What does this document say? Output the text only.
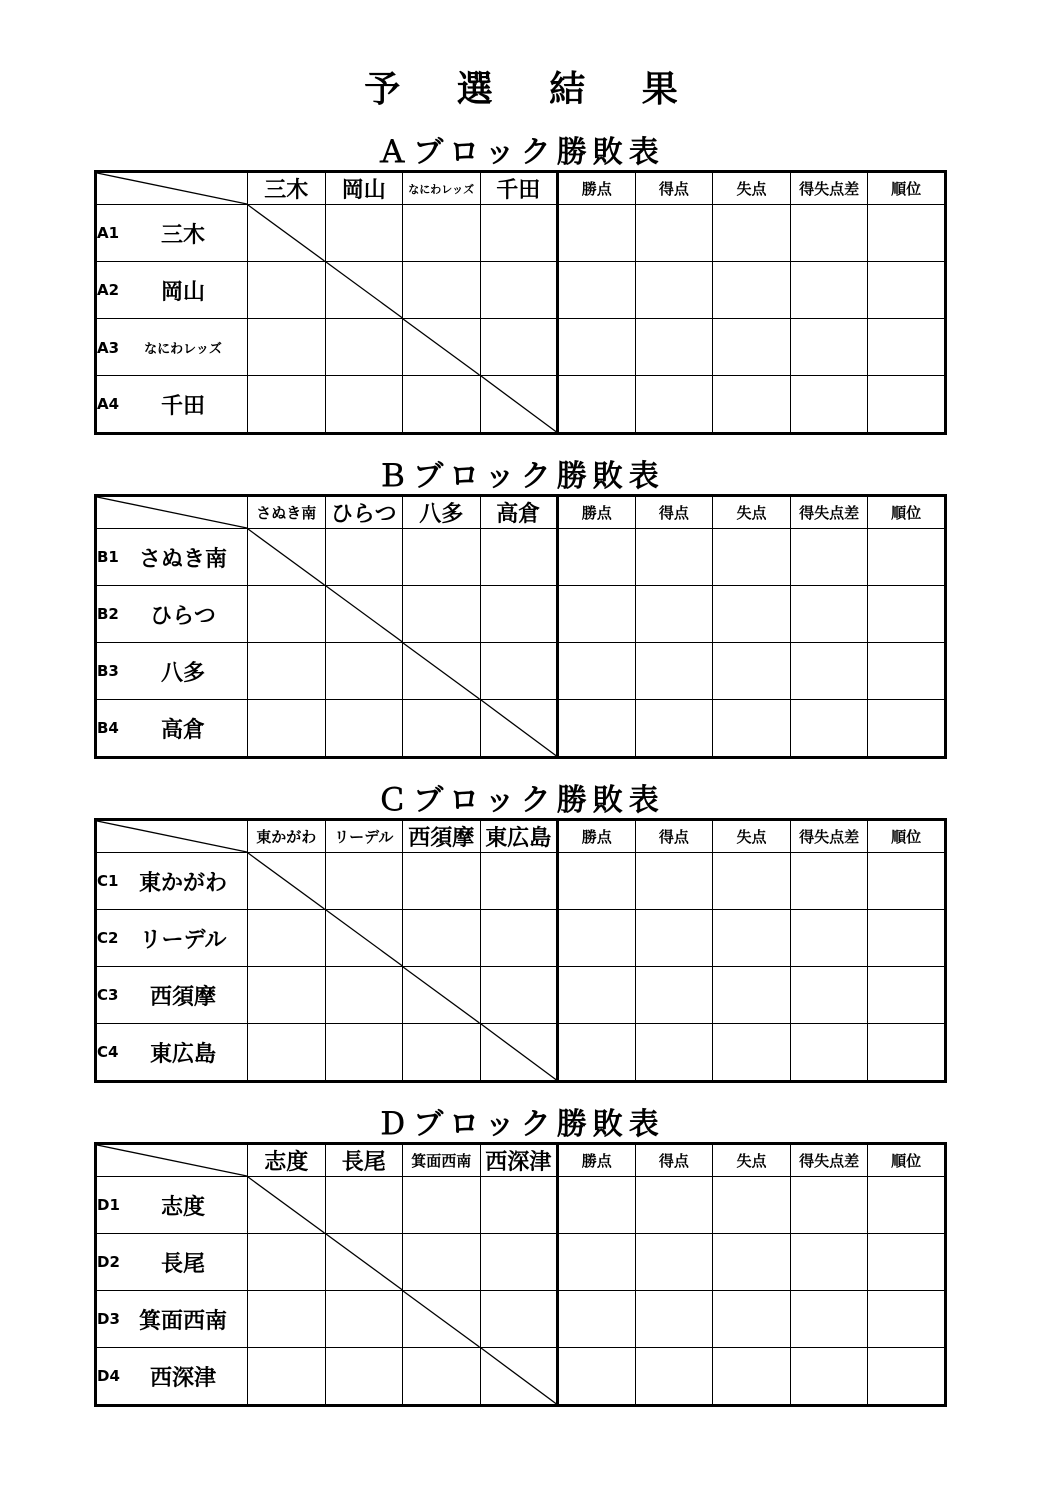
予 選 結 果
Ａブロック勝敗表
	三木	岡山	なにわレッズ	千田	勝点	得点	失点	得失点差	順位
A1 三木	

A2 岡山		

A3 なにわレッズ			

A4 千田				

Ｂブロック勝敗表
	さぬき南	ひらつ	八多	高倉	勝点	得点	失点	得失点差	順位
B1 さぬき南	

B2 ひらつ		

B3 八多			

B4 高倉				

Ｃブロック勝敗表
	東かがわ	リーデル	西須摩	東広島	勝点	得点	失点	得失点差	順位
C1 東かがわ	

C2 リーデル		

C3 西須摩			

C4 東広島				

Ｄブロック勝敗表
	志度	長尾	箕面西南	西深津	勝点	得点	失点	得失点差	順位
D1 志度	

D2 長尾		

D3 箕面西南			

D4 西深津				
